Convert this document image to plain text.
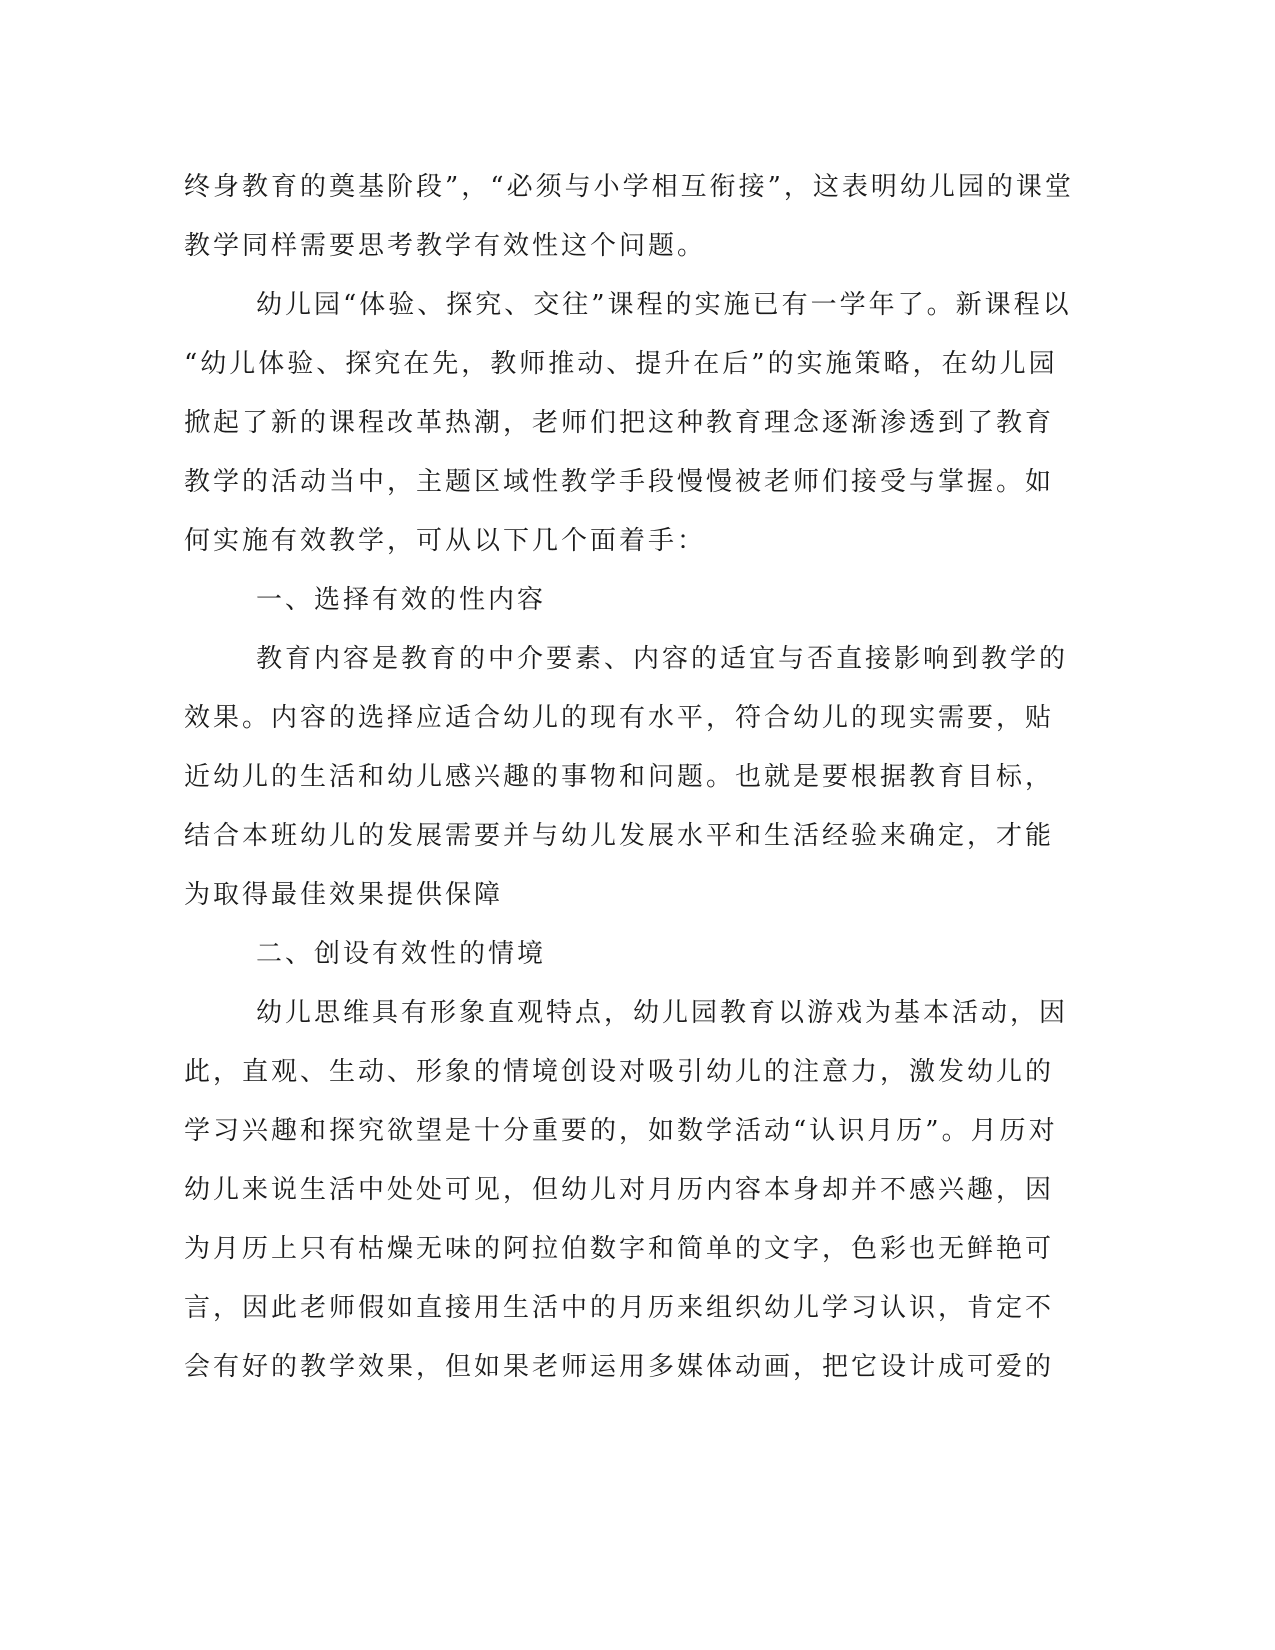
终身教育的奠基阶段”，“必须与小学相互衔接”，这表明幼儿园的课堂
教学同样需要思考教学有效性这个问题。
幼儿园“体验、探究、交往”课程的实施已有一学年了。新课程以
“幼儿体验、探究在先，教师推动、提升在后”的实施策略，在幼儿园
掀起了新的课程改革热潮，老师们把这种教育理念逐渐渗透到了教育
教学的活动当中，主题区域性教学手段慢慢被老师们接受与掌握。如
何实施有效教学，可从以下几个面着手：
一、选择有效的性内容
教育内容是教育的中介要素、内容的适宜与否直接影响到教学的
效果。内容的选择应适合幼儿的现有水平，符合幼儿的现实需要，贴
近幼儿的生活和幼儿感兴趣的事物和问题。也就是要根据教育目标，
结合本班幼儿的发展需要并与幼儿发展水平和生活经验来确定，才能
为取得最佳效果提供保障
二、创设有效性的情境
幼儿思维具有形象直观特点，幼儿园教育以游戏为基本活动，因
此，直观、生动、形象的情境创设对吸引幼儿的注意力，激发幼儿的
学习兴趣和探究欲望是十分重要的，如数学活动“认识月历”。月历对
幼儿来说生活中处处可见，但幼儿对月历内容本身却并不感兴趣，因
为月历上只有枯燥无味的阿拉伯数字和简单的文字，色彩也无鲜艳可
言，因此老师假如直接用生活中的月历来组织幼儿学习认识，肯定不
会有好的教学效果，但如果老师运用多媒体动画，把它设计成可爱的
